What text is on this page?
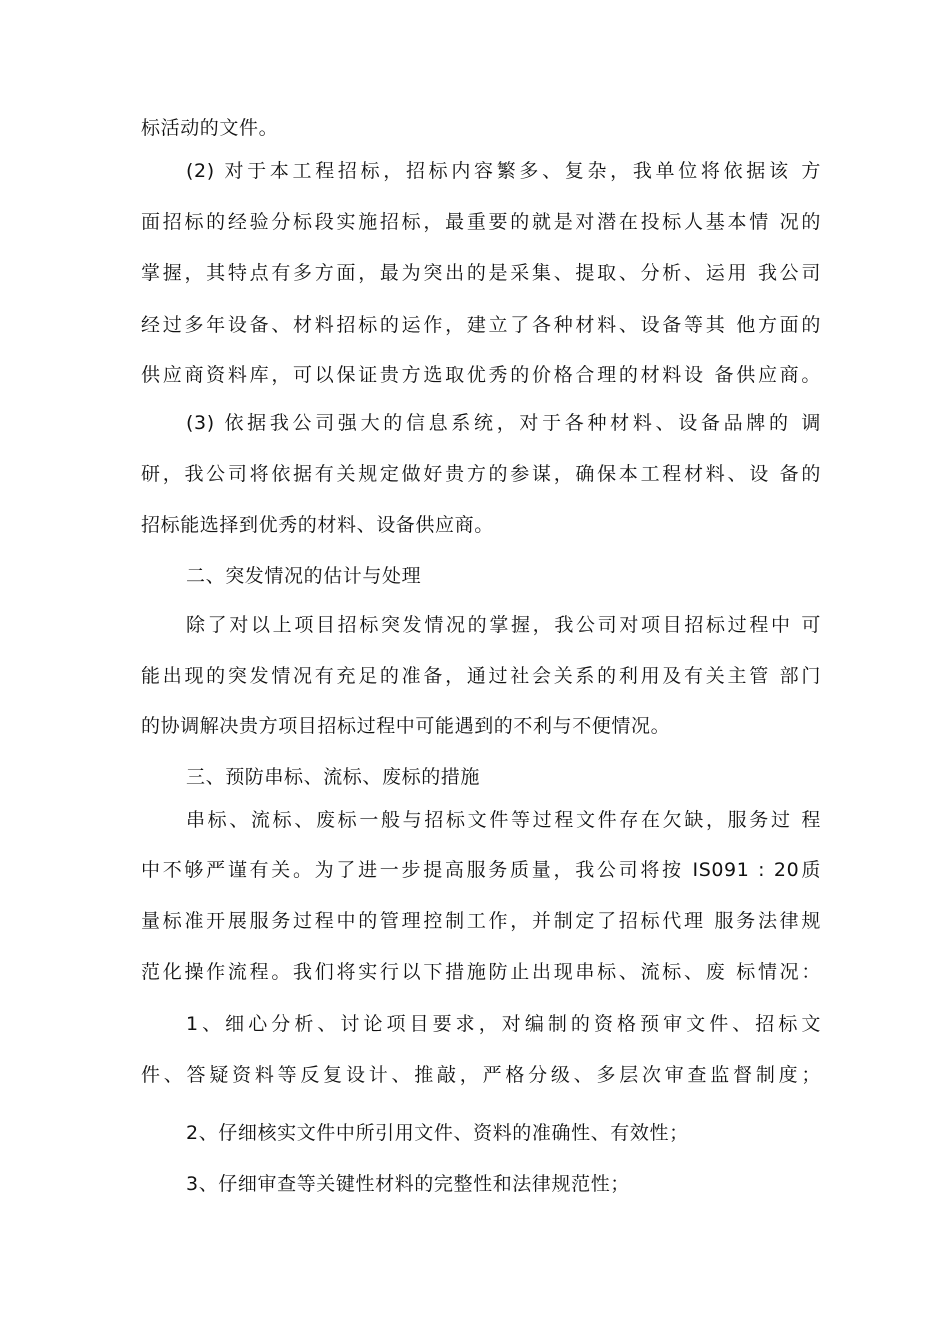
标活动的文件。
(2) 对于本工程招标，招标内容繁多、复杂，我单位将依据该 方
面招标的经验分标段实施招标，最重要的就是对潜在投标人基本情 况的
掌握，其特点有多方面，最为突出的是采集、提取、分析、运用 我公司
经过多年设备、材料招标的运作，建立了各种材料、设备等其 他方面的
供应商资料库，可以保证贵方选取优秀的价格合理的材料设 备供应商。
(3) 依据我公司强大的信息系统，对于各种材料、设备品牌的 调
研，我公司将依据有关规定做好贵方的参谋，确保本工程材料、设 备的
招标能选择到优秀的材料、设备供应商。
二、突发情况的估计与处理
除了对以上项目招标突发情况的掌握，我公司对项目招标过程中 可
能出现的突发情况有充足的准备，通过社会关系的利用及有关主管 部门
的协调解决贵方项目招标过程中可能遇到的不利与不便情况。
三、预防串标、流标、废标的措施
串标、流标、废标一般与招标文件等过程文件存在欠缺，服务过 程
中不够严谨有关。为了进一步提高服务质量，我公司将按 IS091 : 20质
量标准开展服务过程中的管理控制工作，并制定了招标代理 服务法律规
范化操作流程。我们将实行以下措施防止出现串标、流标、废 标情况：
1、细心分析、讨论项目要求，对编制的资格预审文件、招标文
件、答疑资料等反复设计、推敲，严格分级、多层次审查监督制度；
2、仔细核实文件中所引用文件、资料的准确性、有效性；
3、仔细审查等关键性材料的完整性和法律规范性；
